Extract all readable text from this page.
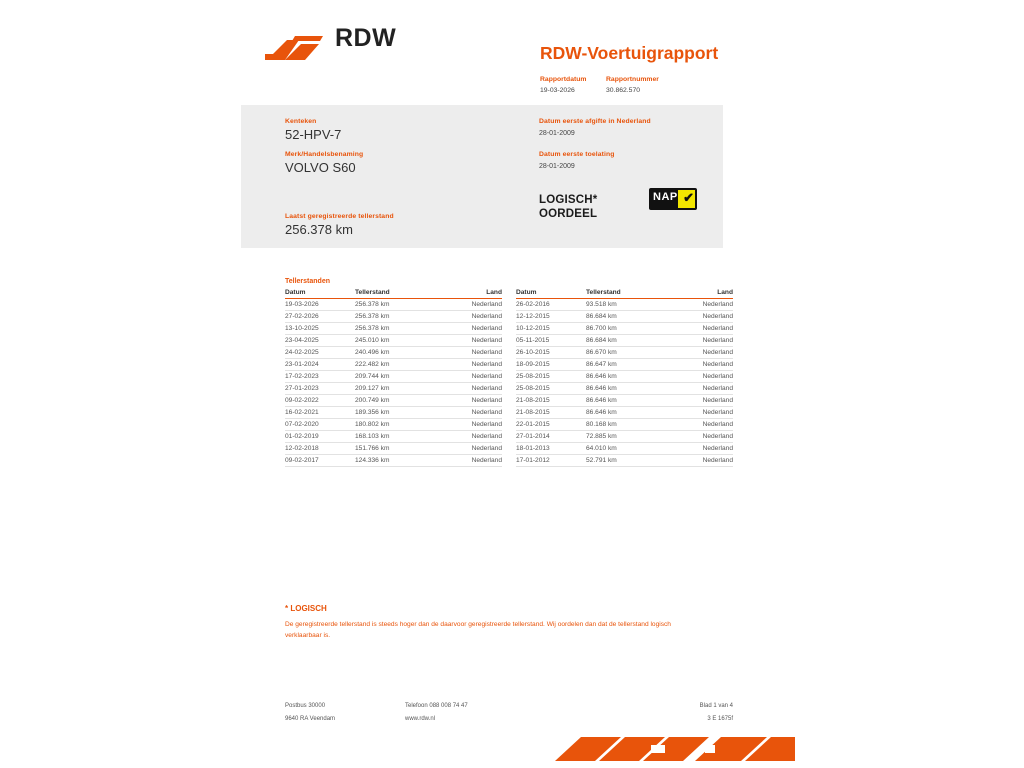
RDW
RDW-Voertuigrapport
Rapportdatum
19-03-2026
Rapportnummer
30.862.570
Kenteken
52-HPV-7
Merk/Handelsbenaming
VOLVO S60
Laatst geregistreerde tellerstand
256.378 km
Datum eerste afgifte in Nederland
28-01-2009
Datum eerste toelating
28-01-2009
LOGISCH*
OORDEEL
NAP ✔
Tellerstanden
Datum	Tellerstand	Land
19-03-2026	256.378 km	Nederland
27-02-2026	256.378 km	Nederland
13-10-2025	256.378 km	Nederland
23-04-2025	245.010 km	Nederland
24-02-2025	240.496 km	Nederland
23-01-2024	222.482 km	Nederland
17-02-2023	209.744 km	Nederland
27-01-2023	209.127 km	Nederland
09-02-2022	200.749 km	Nederland
16-02-2021	189.356 km	Nederland
07-02-2020	180.802 km	Nederland
01-02-2019	168.103 km	Nederland
12-02-2018	151.766 km	Nederland
09-02-2017	124.336 km	Nederland
Datum	Tellerstand	Land
26-02-2016	93.518 km	Nederland
12-12-2015	86.684 km	Nederland
10-12-2015	86.700 km	Nederland
05-11-2015	86.684 km	Nederland
26-10-2015	86.670 km	Nederland
18-09-2015	86.647 km	Nederland
25-08-2015	86.646 km	Nederland
25-08-2015	86.646 km	Nederland
21-08-2015	86.646 km	Nederland
21-08-2015	86.646 km	Nederland
22-01-2015	80.168 km	Nederland
27-01-2014	72.885 km	Nederland
18-01-2013	64.010 km	Nederland
17-01-2012	52.791 km	Nederland
* LOGISCH
De geregistreerde tellerstand is steeds hoger dan de daarvoor geregistreerde tellerstand. Wij oordelen dan dat de tellerstand logisch verklaarbaar is.
Postbus 30000
9640 RA Veendam
Telefoon 088 008 74 47
www.rdw.nl
Blad 1 van 4
3 E 1675f
